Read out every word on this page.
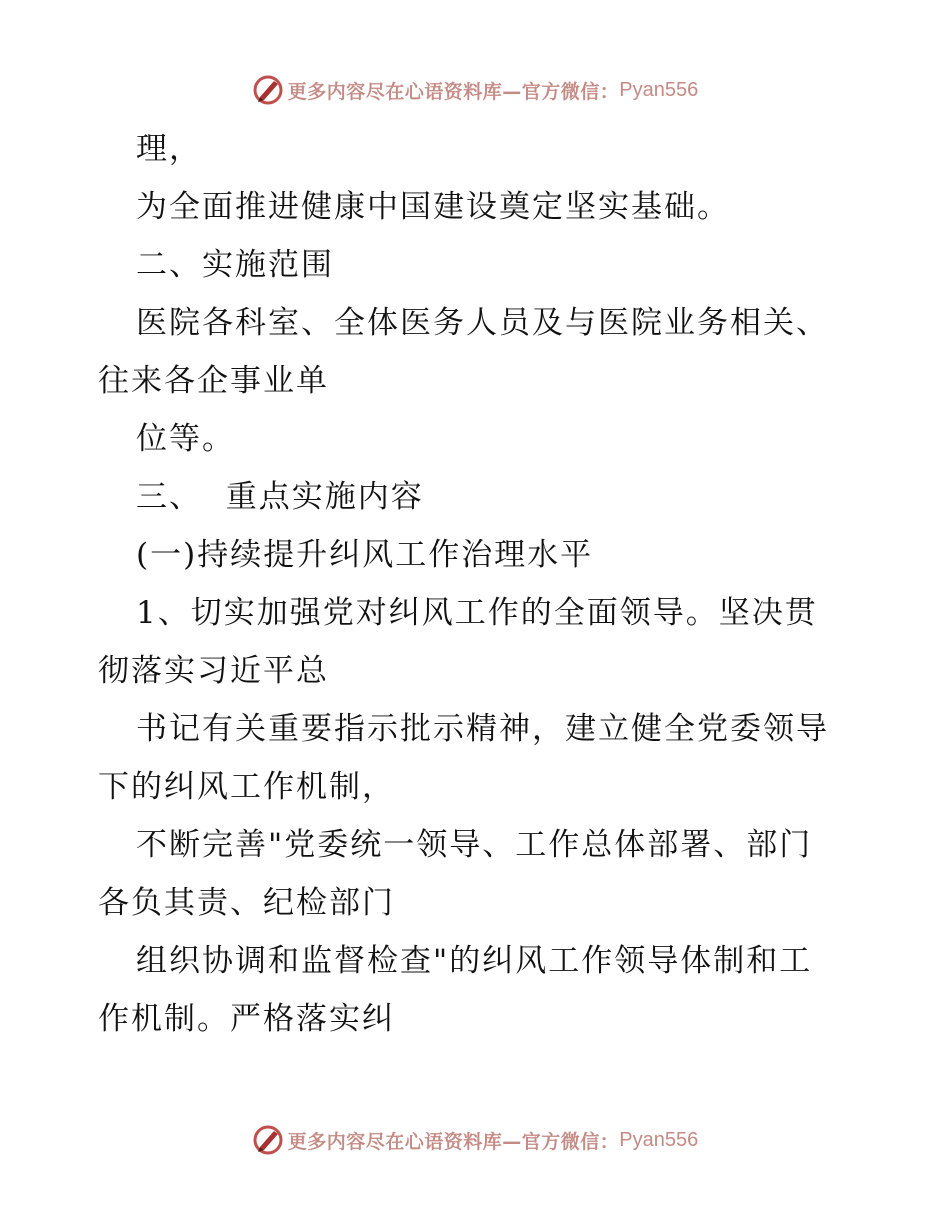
更多内容尽在心语资料库—官方微信： Pyan556
理，
为全面推进健康中国建设奠定坚实基础。
二、实施范围
医院各科室、全体医务人员及与医院业务相关、
往来各企事业单
位等。
三、  重点实施内容
(一)持续提升纠风工作治理水平
1、切实加强党对纠风工作的全面领导。坚决贯
彻落实习近平总
书记有关重要指示批示精神，建立健全党委领导
下的纠风工作机制，
不断完善"党委统一领导、工作总体部署、部门
各负其责、纪检部门
组织协调和监督检查"的纠风工作领导体制和工
作机制。严格落实纠
更多内容尽在心语资料库—官方微信： Pyan556
